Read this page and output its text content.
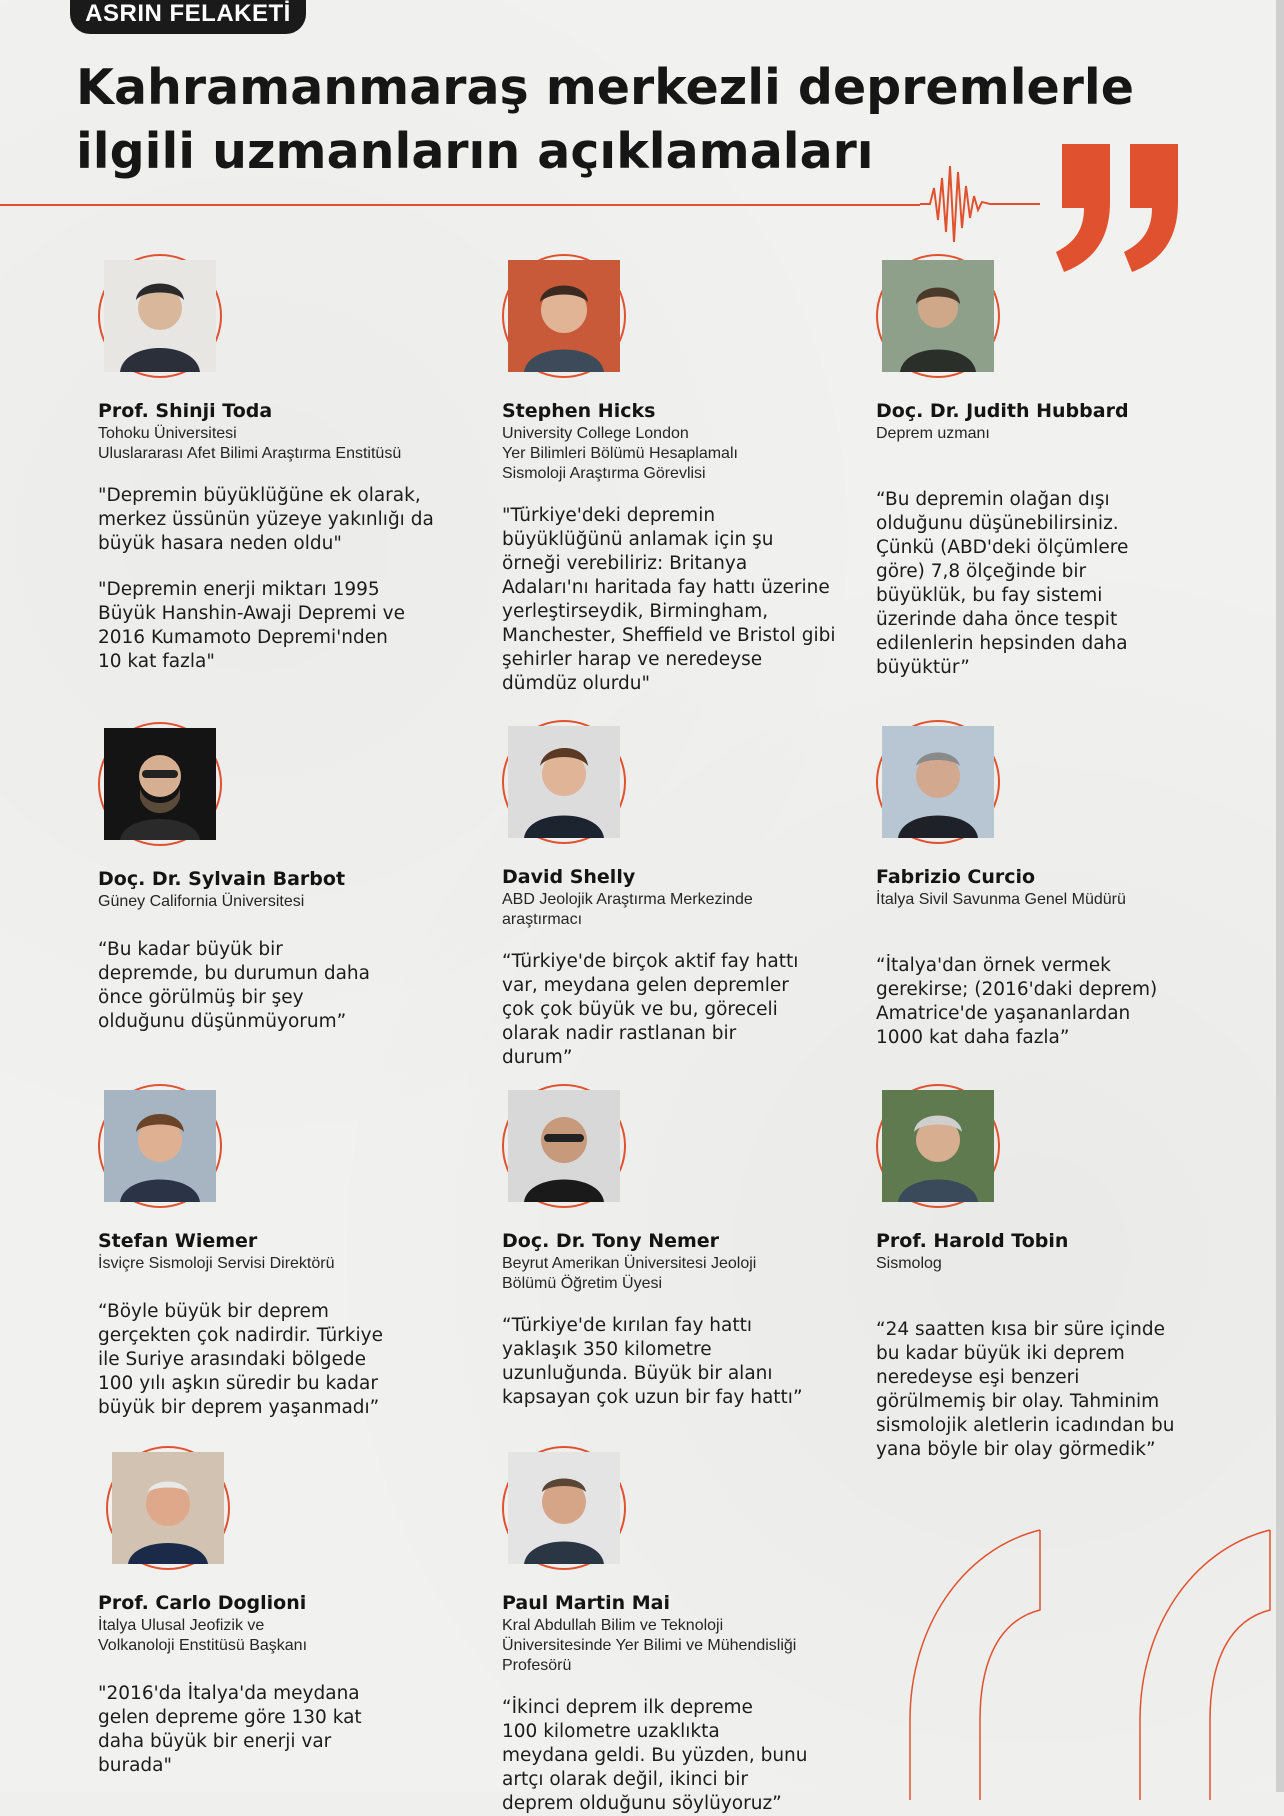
ASRIN FELAKETİ
Kahramanmaraş merkezli depremlerle
ilgili uzmanların açıklamaları
Prof. Shinji Toda
Tohoku Üniversitesi
Uluslararası Afet Bilimi Araştırma Enstitüsü

"Depremin büyüklüğüne ek olarak,
merkez üssünün yüzeye yakınlığı da
büyük hasara neden oldu"

"Depremin enerji miktarı 1995
Büyük Hanshin-Awaji Depremi ve
2016 Kumamoto Depremi'nden
10 kat fazla"

Stephen Hicks
University College London
Yer Bilimleri Bölümü Hesaplamalı
Sismoloji Araştırma Görevlisi

"Türkiye'deki depremin
büyüklüğünü anlamak için şu
örneği verebiliriz: Britanya
Adaları'nı haritada fay hattı üzerine
yerleştirseydik, Birmingham,
Manchester, Sheffield ve Bristol gibi
şehirler harap ve neredeyse
dümdüz olurdu"

Doç. Dr. Judith Hubbard
Deprem uzmanı

“Bu depremin olağan dışı
olduğunu düşünebilirsiniz.
Çünkü (ABD'deki ölçümlere
göre) 7,8 ölçeğinde bir
büyüklük, bu fay sistemi
üzerinde daha önce tespit
edilenlerin hepsinden daha
büyüktür”

Doç. Dr. Sylvain Barbot
Güney California Üniversitesi

“Bu kadar büyük bir
depremde, bu durumun daha
önce görülmüş bir şey
olduğunu düşünmüyorum”

David Shelly
ABD Jeolojik Araştırma Merkezinde
araştırmacı

“Türkiye'de birçok aktif fay hattı
var, meydana gelen depremler
çok çok büyük ve bu, göreceli
olarak nadir rastlanan bir
durum”

Fabrizio Curcio
İtalya Sivil Savunma Genel Müdürü

“İtalya'dan örnek vermek
gerekirse; (2016'daki deprem)
Amatrice'de yaşananlardan
1000 kat daha fazla”

Stefan Wiemer
İsviçre Sismoloji Servisi Direktörü

“Böyle büyük bir deprem
gerçekten çok nadirdir. Türkiye
ile Suriye arasındaki bölgede
100 yılı aşkın süredir bu kadar
büyük bir deprem yaşanmadı”

Doç. Dr. Tony Nemer
Beyrut Amerikan Üniversitesi Jeoloji
Bölümü Öğretim Üyesi

“Türkiye'de kırılan fay hattı
yaklaşık 350 kilometre
uzunluğunda. Büyük bir alanı
kapsayan çok uzun bir fay hattı”

Prof. Harold Tobin
Sismolog

“24 saatten kısa bir süre içinde
bu kadar büyük iki deprem
neredeyse eşi benzeri
görülmemiş bir olay. Tahminim
sismolojik aletlerin icadından bu
yana böyle bir olay görmedik”

Prof. Carlo Doglioni
İtalya Ulusal Jeofizik ve
Volkanoloji Enstitüsü Başkanı

"2016'da İtalya'da meydana
gelen depreme göre 130 kat
daha büyük bir enerji var
burada"

Paul Martin Mai
Kral Abdullah Bilim ve Teknoloji
Üniversitesinde Yer Bilimi ve Mühendisliği
Profesörü

“İkinci deprem ilk depreme
100 kilometre uzaklıkta
meydana geldi. Bu yüzden, bunu
artçı olarak değil, ikinci bir
deprem olduğunu söylüyoruz”
